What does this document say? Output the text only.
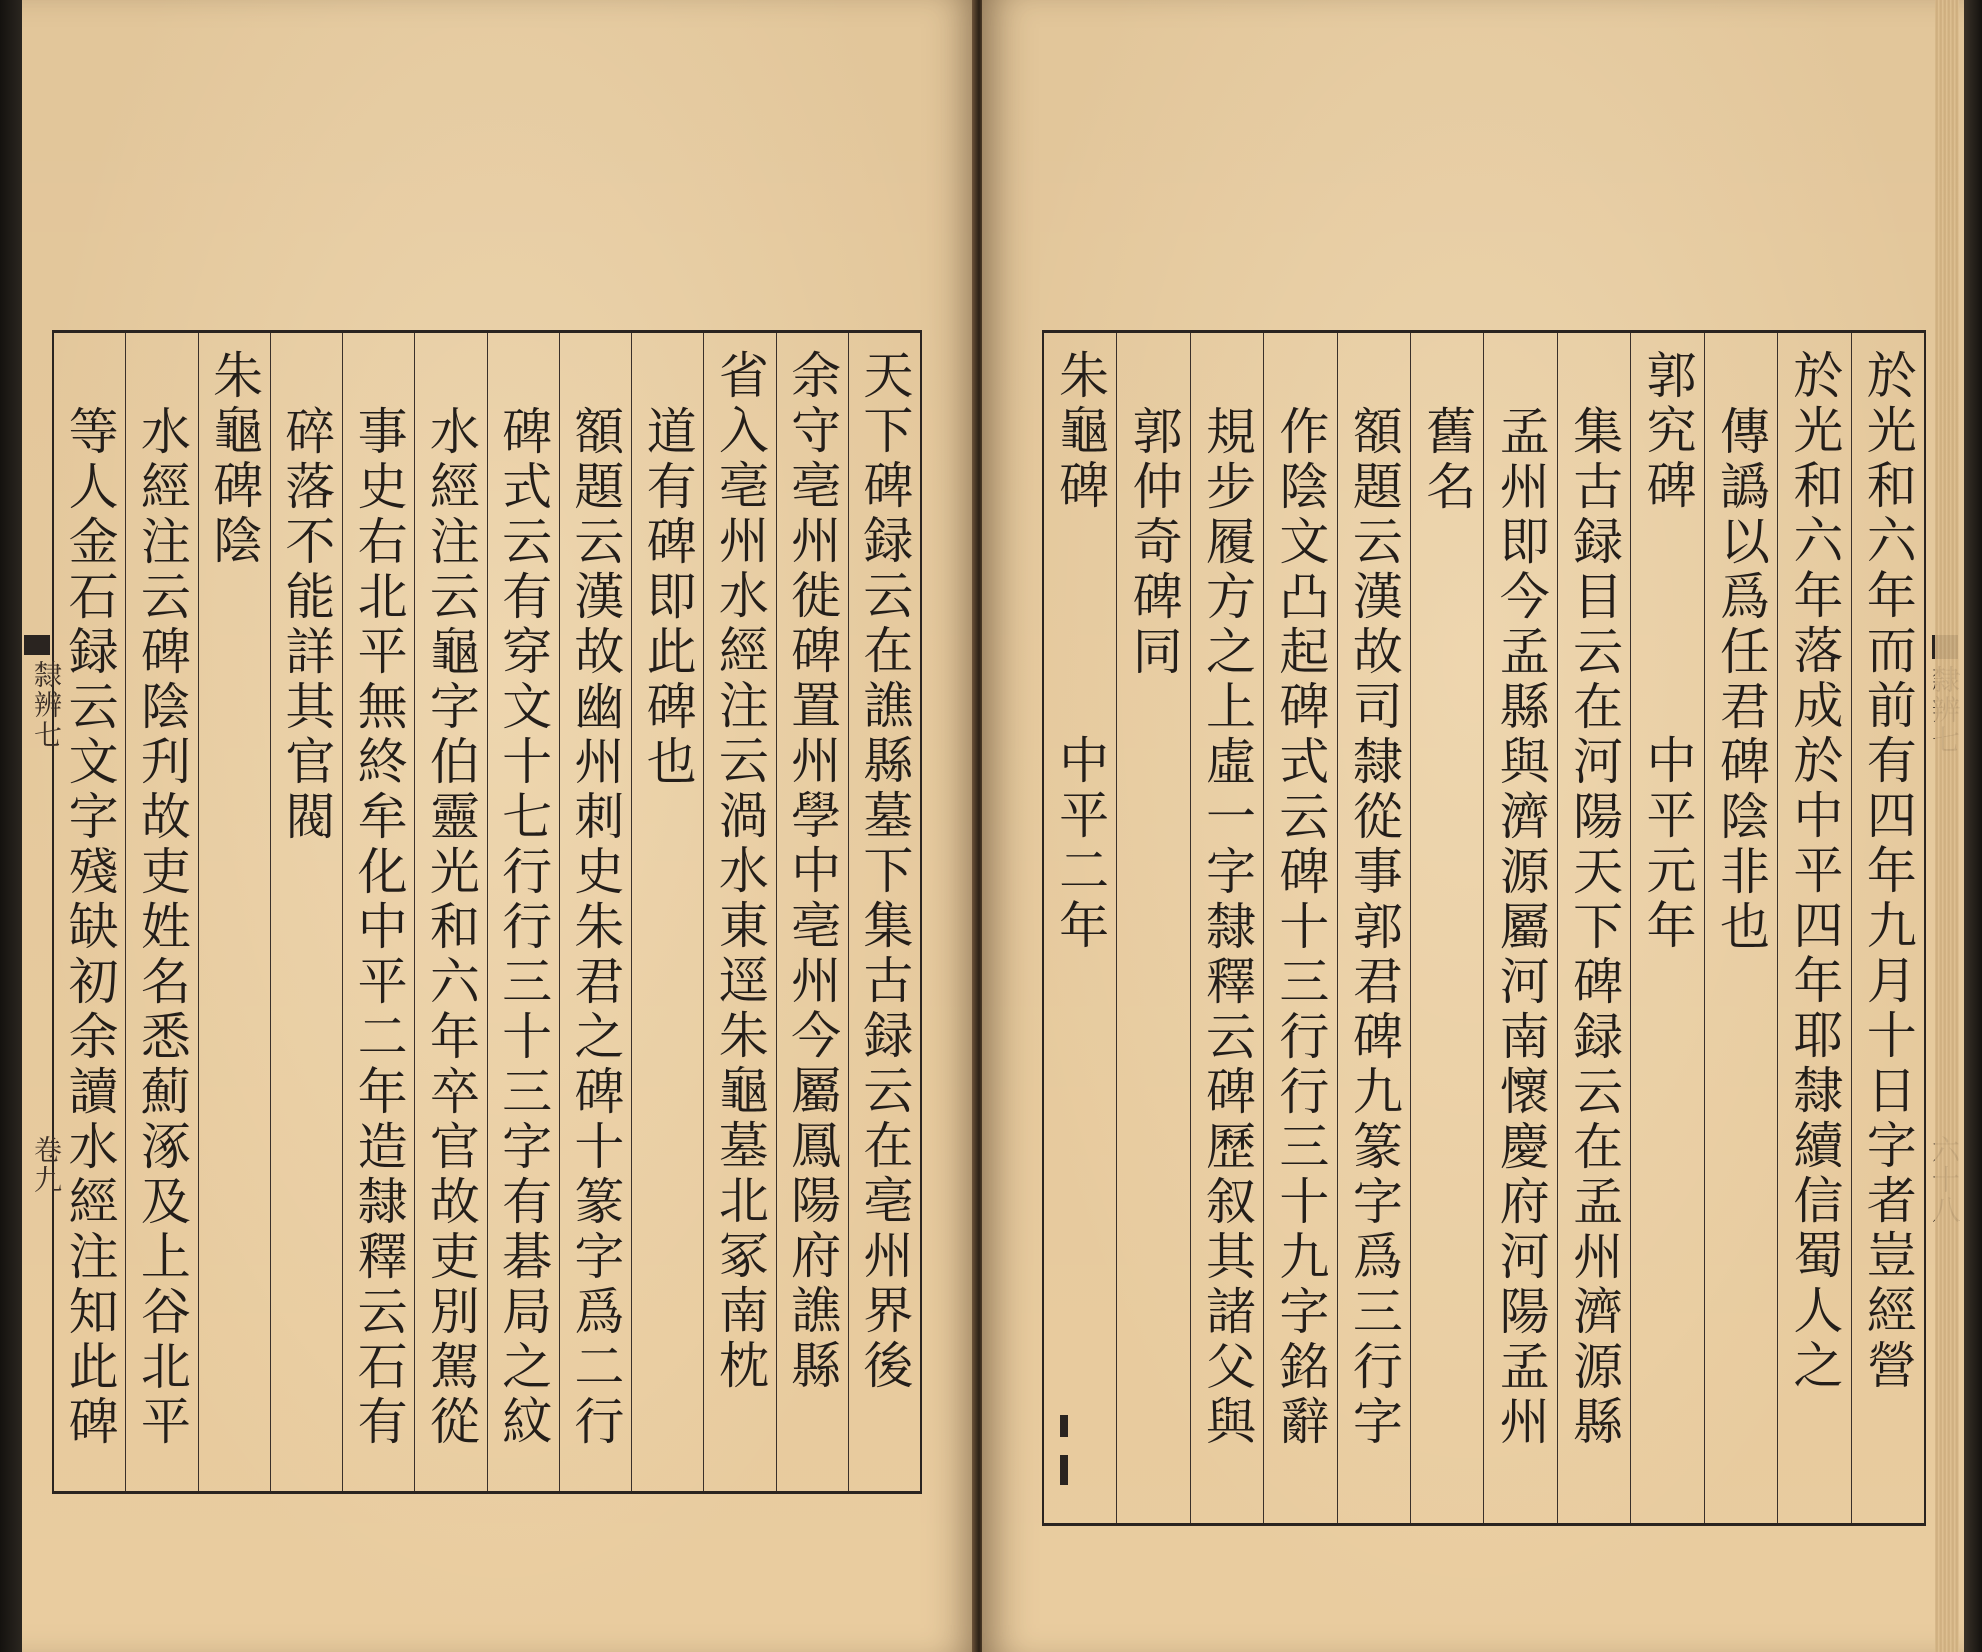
天下碑録云在譙縣墓下集古録云在亳州界後
余守亳州徙碑置州學中亳州今屬鳳陽府譙縣
省入亳州水經注云渦水東逕朱龜墓北冢南枕
道有碑即此碑也
額題云漢故幽州刺史朱君之碑十篆字爲二行
碑式云有穿文十七行行三十三字有碁局之紋
水經注云龜字伯靈光和六年卒官故吏別駕從
事史右北平無終牟化中平二年造隸釋云石有
碎落不能詳其官閥
朱龜碑陰
水經注云碑陰刋故吏姓名悉薊涿及上谷北平
等人金石録云文字殘缺初余讀水經注知此碑
隸辨七
卷九	於光和六年而前有四年九月十日字者豈經營
於光和六年落成於中平四年耶隸續信蜀人之
傳譌以爲任君碑陰非也
郭究碑
中平元年
集古録目云在河陽天下碑録云在孟州濟源縣
孟州即今孟縣與濟源屬河南懷慶府河陽孟州
舊名
額題云漢故司隸從事郭君碑九篆字爲三行字
作陰文凸起碑式云碑十三行行三十九字銘辭
規步履方之上虛一字隸釋云碑歷叙其諸父與
郭仲奇碑同
朱龜碑
中平二年
